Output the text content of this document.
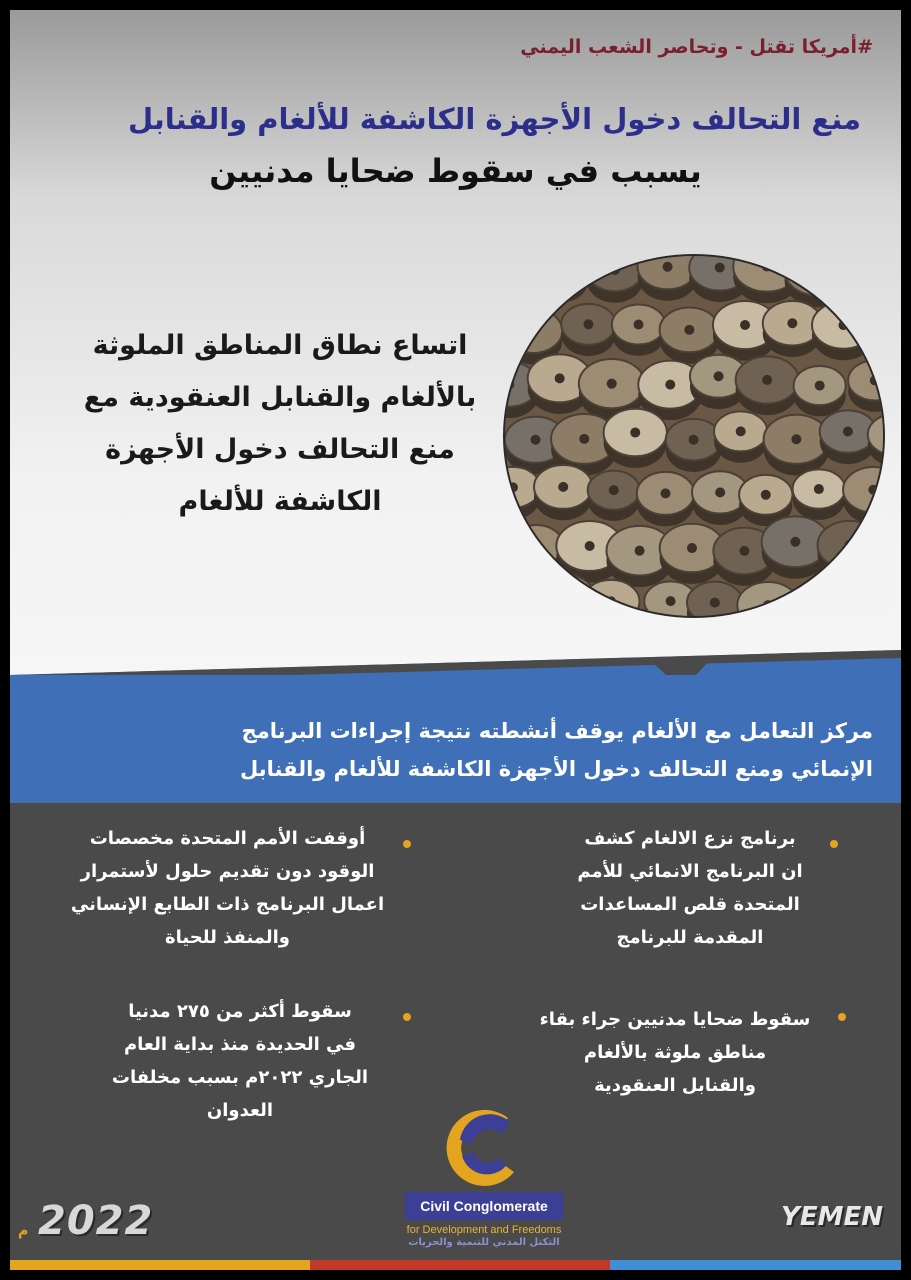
#أمريكا تقتل - وتحاصر الشعب اليمني
منع التحالف دخول الأجهزة الكاشفة للألغام والقنابل
يسبب في سقوط ضحايا مدنيين
اتساع نطاق المناطق الملوثة
بالألغام والقنابل العنقودية مع
منع التحالف دخول الأجهزة
الكاشفة للألغام
مركز التعامل مع الألغام يوقف أنشطته نتيجة إجراءات البرنامج
الإنمائي ومنع التحالف دخول الأجهزة الكاشفة للألغام والقنابل
برنامج نزع الالغام كشف
ان البرنامج الانمائي للأمم
المتحدة قلص المساعدات
المقدمة للبرنامج
أوقفت الأمم المتحدة مخصصات
الوقود دون تقديم حلول لأستمرار
اعمال البرنامج ذات الطابع الإنساني
والمنفذ للحياة
سقوط ضحايا مدنيين جراء بقاء
مناطق ملوثة بالألغام
والقنابل العنقودية
سقوط أكثر من ٢٧٥ مدنيا
في الحديدة منذ بداية العام
الجاري ٢٠٢٢م بسبب مخلفات
العدوان
Civil Conglomerate
for Development and Freedoms
التكتل المدني للتنمية والحريات
م 2022	YEMEN
